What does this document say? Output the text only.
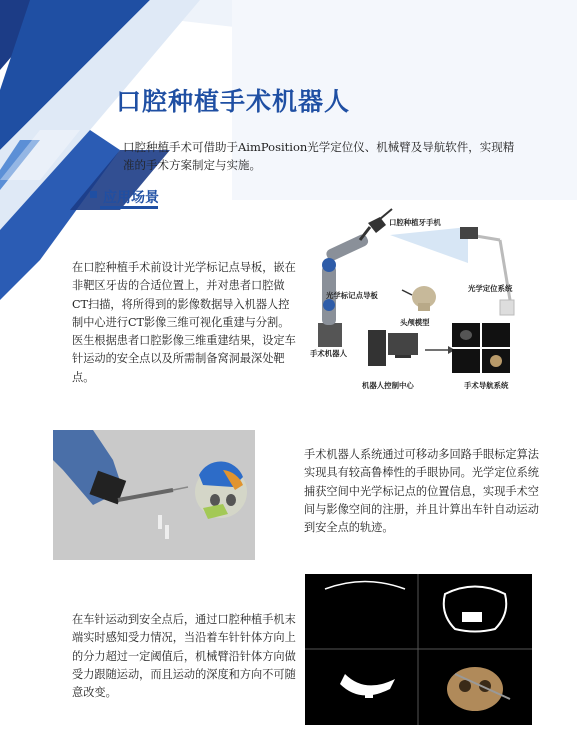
口腔种植手术机器人
口腔种植手术可借助于AimPosition光学定位仪、机械臂及导航软件，实现精准的手术方案制定与实施。
应用场景
在口腔种植手术前设计光学标记点导板，嵌在非靶区牙齿的合适位置上，并对患者口腔做CT扫描，将所得到的影像数据导入机器人控制中心进行CT影像三维可视化重建与分割。医生根据患者口腔影像三维重建结果，设定车针运动的安全点以及所需制备窝洞最深处靶点。
口腔种植牙手机
光学标记点导板
光学定位系统
头颅模型
手术机器人
机器人控制中心	手术导航系统
手术机器人系统通过可移动多回路手眼标定算法实现具有较高鲁棒性的手眼协同。光学定位系统捕获空间中光学标记点的位置信息，实现手术空间与影像空间的注册，并且计算出车针自动运动到安全点的轨迹。
在车针运动到安全点后，通过口腔种植手机末端实时感知受力情况，当沿着车针针体方向上的分力超过一定阈值后，机械臂沿针体方向做受力跟随运动，而且运动的深度和方向不可随意改变。
